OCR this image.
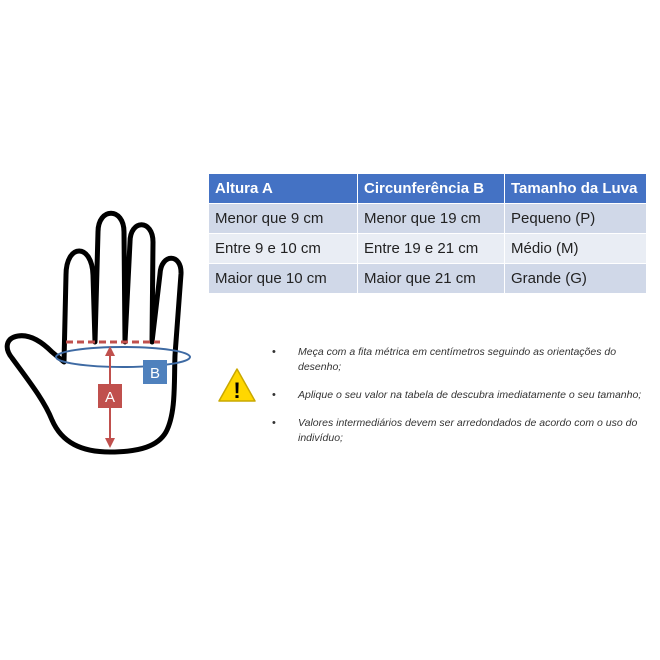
A
B
Altura A	Circunferência B	Tamanho da Luva
Menor que 9 cm	Menor que 19 cm	Pequeno (P)
Entre 9 e 10 cm	Entre 19 e 21 cm	Médio (M)
Maior que 10 cm	Maior que 21 cm	Grande (G)
!
• Meça com a fita métrica em centímetros seguindo as orientações do desenho;
• Aplique o seu valor na tabela de descubra imediatamente o seu tamanho;
• Valores intermediários devem ser arredondados de acordo com o uso do indivíduo;
